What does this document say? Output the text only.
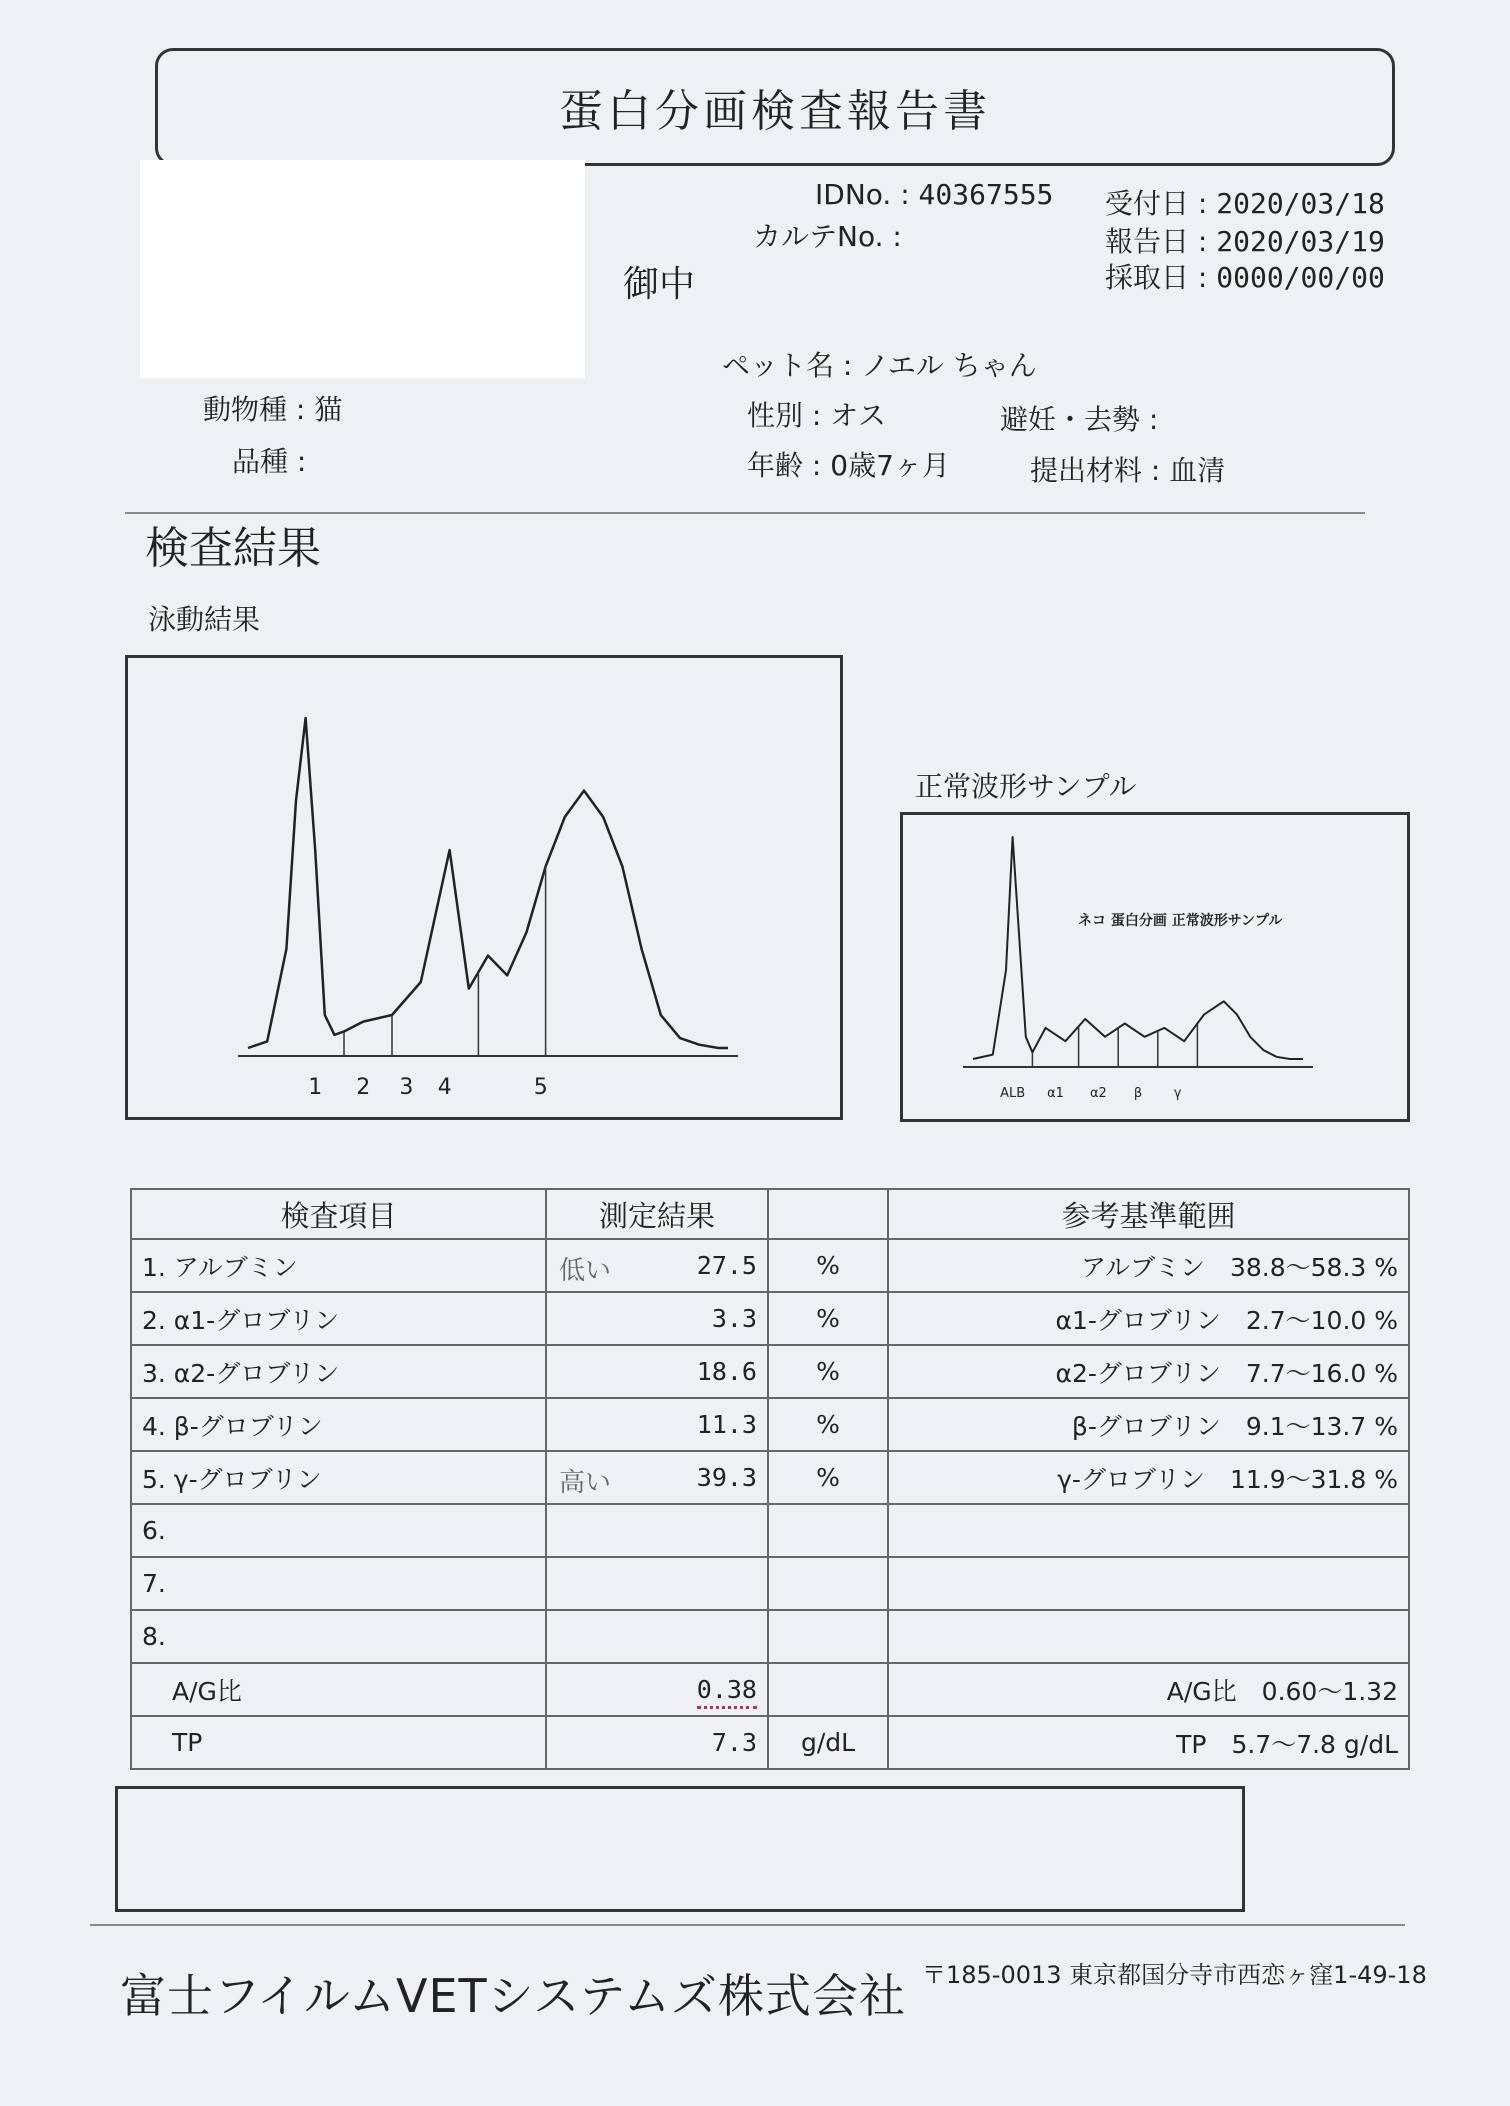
蛋白分画検査報告書
IDNo. : 40367555
カルテNo. :
御中
受付日 : 2020/03/18
報告日 : 2020/03/19
採取日 : 0000/00/00
ペット名 : ノエル ちゃん
動物種 : 猫
品種 :
性別 : オス	避妊・去勢 :
年齢 : 0歳7ヶ月	提出材料 : 血清
検査結果
泳動結果
1 2 3 4	5
正常波形サンプル
ALB α1 α2 β γ
ネコ 蛋白分画 正常波形サンプル
検査項目	測定結果		参考基準範囲
1. アルブミン	低い 27.5	%	アルブミン　38.8～58.3 %
2. α1-グロブリン	3.3	%	α1-グロブリン　2.7～10.0 %
3. α2-グロブリン	18.6	%	α2-グロブリン　7.7～16.0 %
4. β-グロブリン	11.3	%	β-グロブリン　9.1～13.7 %
5. γ-グロブリン	高い 39.3	%	γ-グロブリン　11.9～31.8 %
6.	

7.	

8.	

A/G比	0.38		A/G比　0.60～1.32
TP	7.3	g/dL	TP　5.7～7.8 g/dL
富士フイルムVETシステムズ株式会社 〒185-0013 東京都国分寺市西恋ヶ窪1-49-18
